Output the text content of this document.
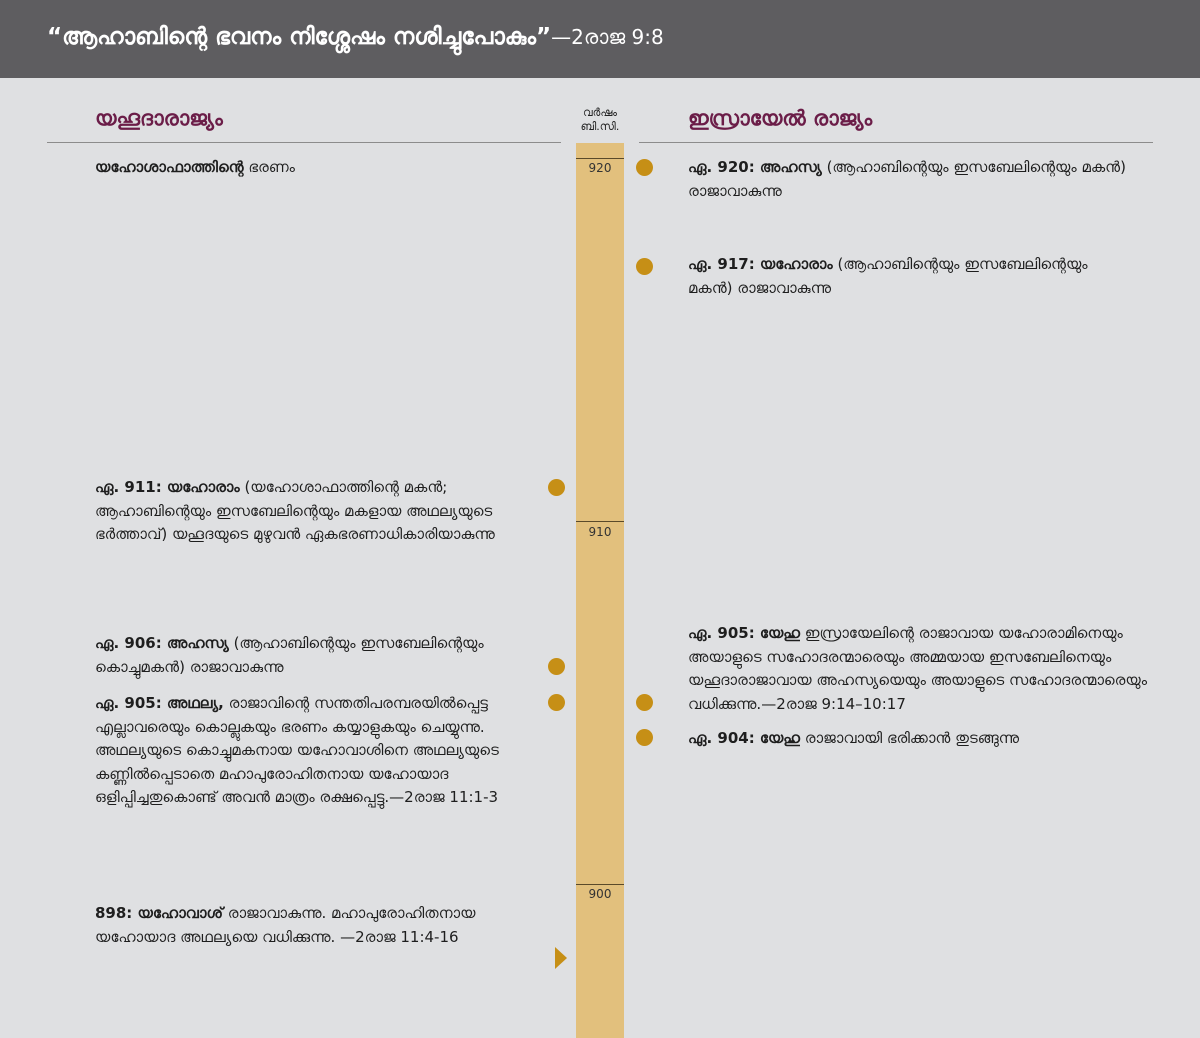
“ആഹാബിന്റെ ഭവനം നിശ്ശേഷം നശിച്ചുപോകും”—2രാജ 9:8
യഹൂദാരാജ്യം	ഇസ്രായേൽ രാജ്യം
വർഷം
ബി.സി.
920
910
900
യഹോശാഫാത്തിന്റെ ഭരണം
ഏ. 911: യഹോരാം (യഹോശാഫാത്തിന്റെ മകൻ; ആഹാബിന്റെയും ഇസബേലിന്റെയും മകളായ അഥല്യയുടെ ഭർത്താവ്) യഹൂദയുടെ മുഴുവൻ ഏകഭരണാധികാരിയാകുന്നു
ഏ. 906: അഹസ്യ (ആഹാബിന്റെയും ഇസബേലിന്റെയും കൊച്ചുമകൻ) രാജാവാകുന്നു
ഏ. 905: അഥല്യ, രാജാവിന്റെ സന്തതിപരമ്പരയിൽപ്പെട്ട എല്ലാവരെയും കൊല്ലുകയും ഭരണം കയ്യാളുകയും ചെയ്യുന്നു. അഥല്യയുടെ കൊച്ചുമകനായ യഹോവാശിനെ അഥല്യയുടെ കണ്ണിൽപ്പെടാതെ മഹാപുരോഹിതനായ യഹോയാദ ഒളിപ്പിച്ചതുകൊണ്ട് അവൻ മാത്രം രക്ഷപ്പെട്ടു.—2രാജ 11:1-3
898: യഹോവാശ് രാജാവാകുന്നു. മഹാപുരോഹിതനായ യഹോയാദ അഥല്യയെ വധിക്കുന്നു. —2രാജ 11:4-16
ഏ. 920: അഹസ്യ (ആഹാബിന്റെയും ഇസബേലിന്റെയും മകൻ) രാജാവാകുന്നു
ഏ. 917: യഹോരാം (ആഹാബിന്റെയും ഇസബേലിന്റെയും മകൻ) രാജാവാകുന്നു
ഏ. 905: യേഹു ഇസ്രായേലിന്റെ രാജാവായ യഹോരാമിനെയും അയാളുടെ സഹോദരന്മാരെയും അമ്മയായ ഇസബേലിനെയും യഹൂദാരാജാവായ അഹസ്യയെയും അയാളുടെ സഹോദരന്മാരെയും വധിക്കുന്നു.—2രാജ 9:14–10:17
ഏ. 904: യേഹു രാജാവായി ഭരിക്കാൻ തുടങ്ങുന്നു
